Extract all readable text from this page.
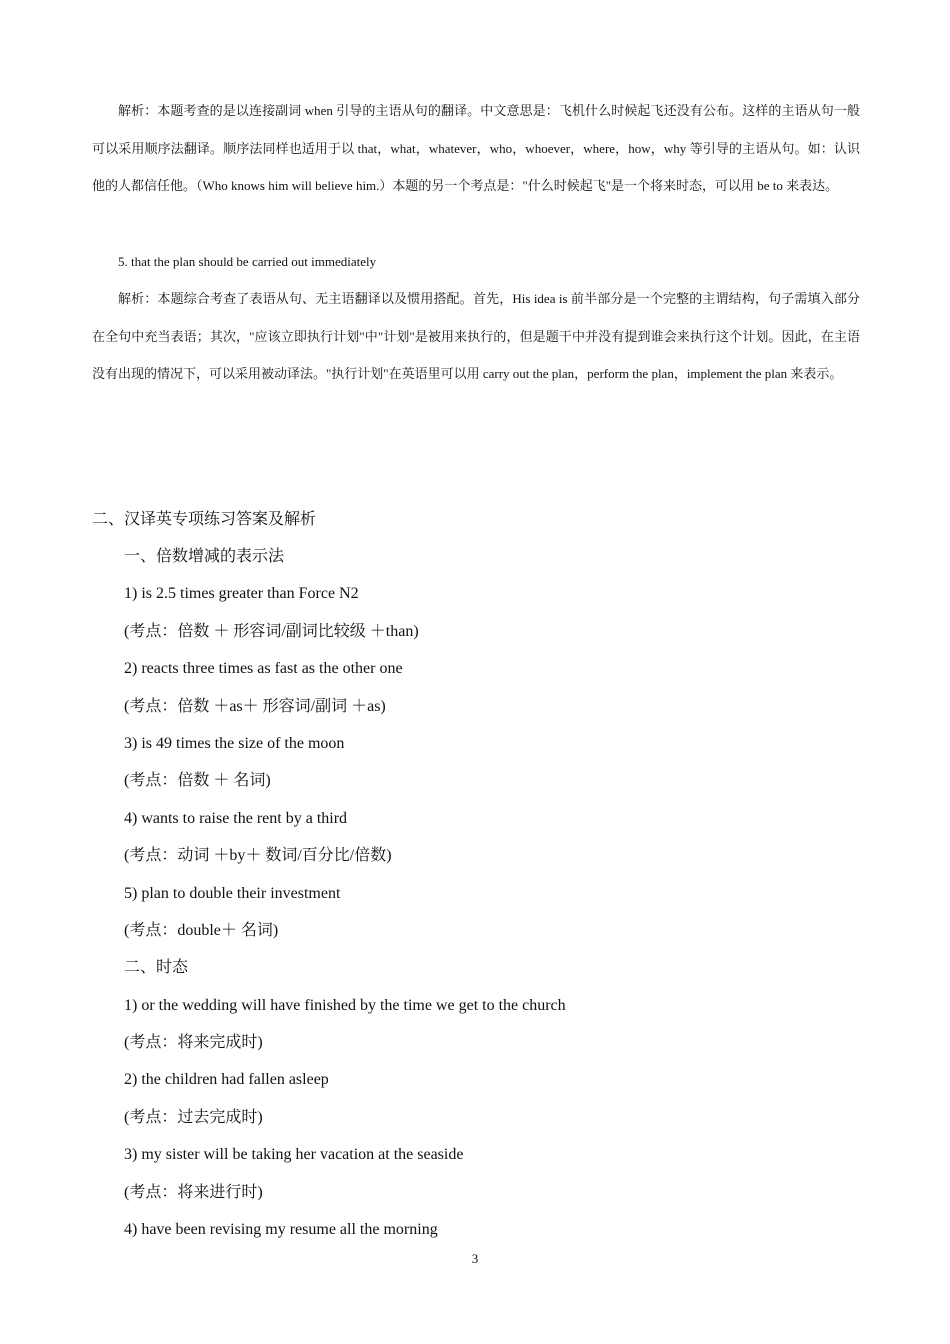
解析：本题考查的是以连接副词 when 引导的主语从句的翻译。中文意思是：飞机什么时候起飞还没有公布。这样的主语从句一般可以采用顺序法翻译。顺序法同样也适用于以 that，what，whatever，who，whoever，where，how，why 等引导的主语从句。如：认识他的人都信任他。（Who knows him will believe him.）本题的另一个考点是："什么时候起飞"是一个将来时态，可以用 be to 来表达。

5. that the plan should be carried out immediately

解析：本题综合考查了表语从句、无主语翻译以及惯用搭配。首先，His idea is 前半部分是一个完整的主谓结构，句子需填入部分在全句中充当表语；其次，"应该立即执行计划"中"计划"是被用来执行的，但是题干中并没有提到谁会来执行这个计划。因此，在主语没有出现的情况下，可以采用被动译法。"执行计划"在英语里可以用 carry out the plan，perform the plan，implement the plan 来表示。

二、汉译英专项练习答案及解析

一、倍数增减的表示法
1) is 2.5 times greater than Force N2
(考点：倍数 ＋ 形容词/副词比较级 ＋than)
2) reacts three times as fast as the other one
(考点：倍数 ＋as＋ 形容词/副词 ＋as)
3) is 49 times the size of the moon
(考点：倍数 ＋ 名词)
4) wants to raise the rent by a third
(考点：动词 ＋by＋ 数词/百分比/倍数)
5) plan to double their investment
(考点：double＋ 名词)
二、时态
1) or the wedding will have finished by the time we get to the church
(考点：将来完成时)
2) the children had fallen asleep
(考点：过去完成时)
3) my sister will be taking her vacation at the seaside
(考点：将来进行时)
4) have been revising my resume all the morning
3
